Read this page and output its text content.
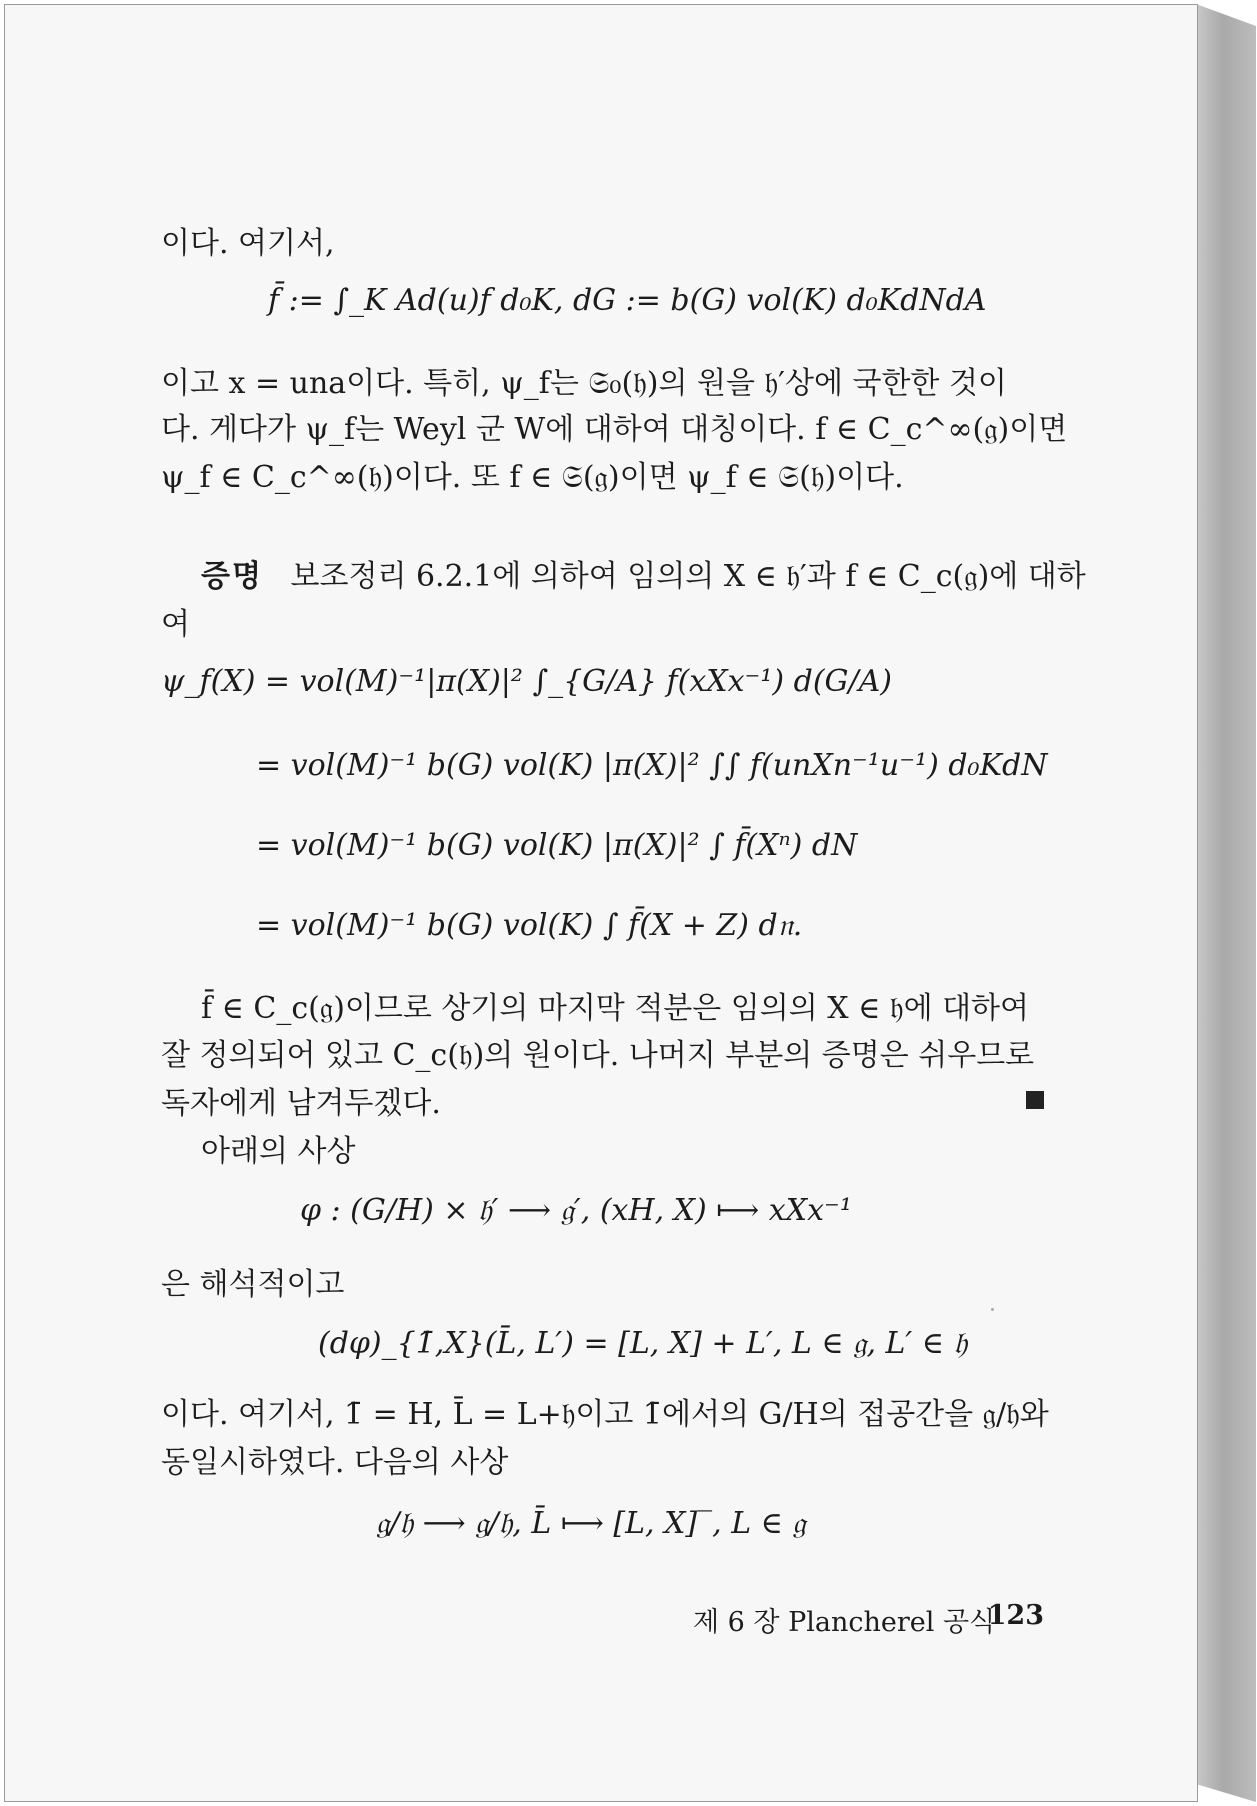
이다. 여기서,
f̄ := ∫_K Ad(u)f d₀K, dG := b(G) vol(K) d₀KdNdA
이고 x = una이다. 특히, ψ_f는 𝔖₀(𝔥)의 원을 𝔥′상에 국한한 것이
다. 게다가 ψ_f는 Weyl 군 W에 대하여 대칭이다. f ∈ C_c^∞(𝔤)이면
ψ_f ∈ C_c^∞(𝔥)이다. 또 f ∈ 𝔖(𝔤)이면 ψ_f ∈ 𝔖(𝔥)이다.
증명 보조정리 6.2.1에 의하여 임의의 X ∈ 𝔥′과 f ∈ C_c(𝔤)에 대하
여
ψ_f(X) = vol(M)⁻¹|π(X)|² ∫_{G/A} f(xXx⁻¹) d(G/A)
= vol(M)⁻¹ b(G) vol(K) |π(X)|² ∫∫ f(unXn⁻¹u⁻¹) d₀KdN
= vol(M)⁻¹ b(G) vol(K) |π(X)|² ∫ f̄(Xⁿ) dN
= vol(M)⁻¹ b(G) vol(K) ∫ f̄(X + Z) d𝔫.
f̄ ∈ C_c(𝔤)이므로 상기의 마지막 적분은 임의의 X ∈ 𝔥에 대하여
잘 정의되어 있고 C_c(𝔥)의 원이다. 나머지 부분의 증명은 쉬우므로
독자에게 남겨두겠다.
아래의 사상
φ : (G/H) × 𝔥′ ⟶ 𝔤′, (xH, X) ⟼ xXx⁻¹
은 해석적이고
(dφ)_{1̄,X}(L̄, L′) = [L, X] + L′, L ∈ 𝔤, L′ ∈ 𝔥
이다. 여기서, 1̄ = H, L̄ = L+𝔥이고 1̄에서의 G/H의 접공간을 𝔤/𝔥와
동일시하였다. 다음의 사상
𝔤/𝔥 ⟶ 𝔤/𝔥, L̄ ⟼ [L, X]‾, L ∈ 𝔤
제 6 장 Plancherel 공식
123
